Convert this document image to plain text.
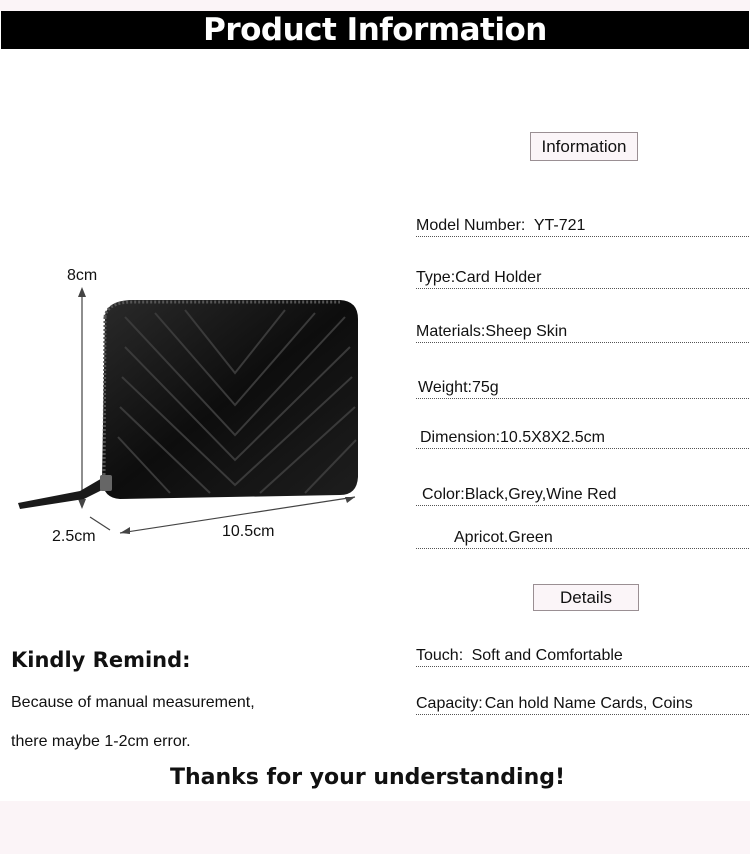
Product Information
8cm
2.5cm	10.5cm
Information
Model Number: YT-721
Type:Card Holder
Materials:Sheep Skin
Weight:75g
Dimension:10.5X8X2.5cm
Color:Black,Grey,Wine Red
Apricot.Green
Details
Touch: Soft and Comfortable
Capacity: Can hold Name Cards, Coins
Kindly Remind:
Because of manual measurement,
there maybe 1-2cm error.
Thanks for your understanding!
